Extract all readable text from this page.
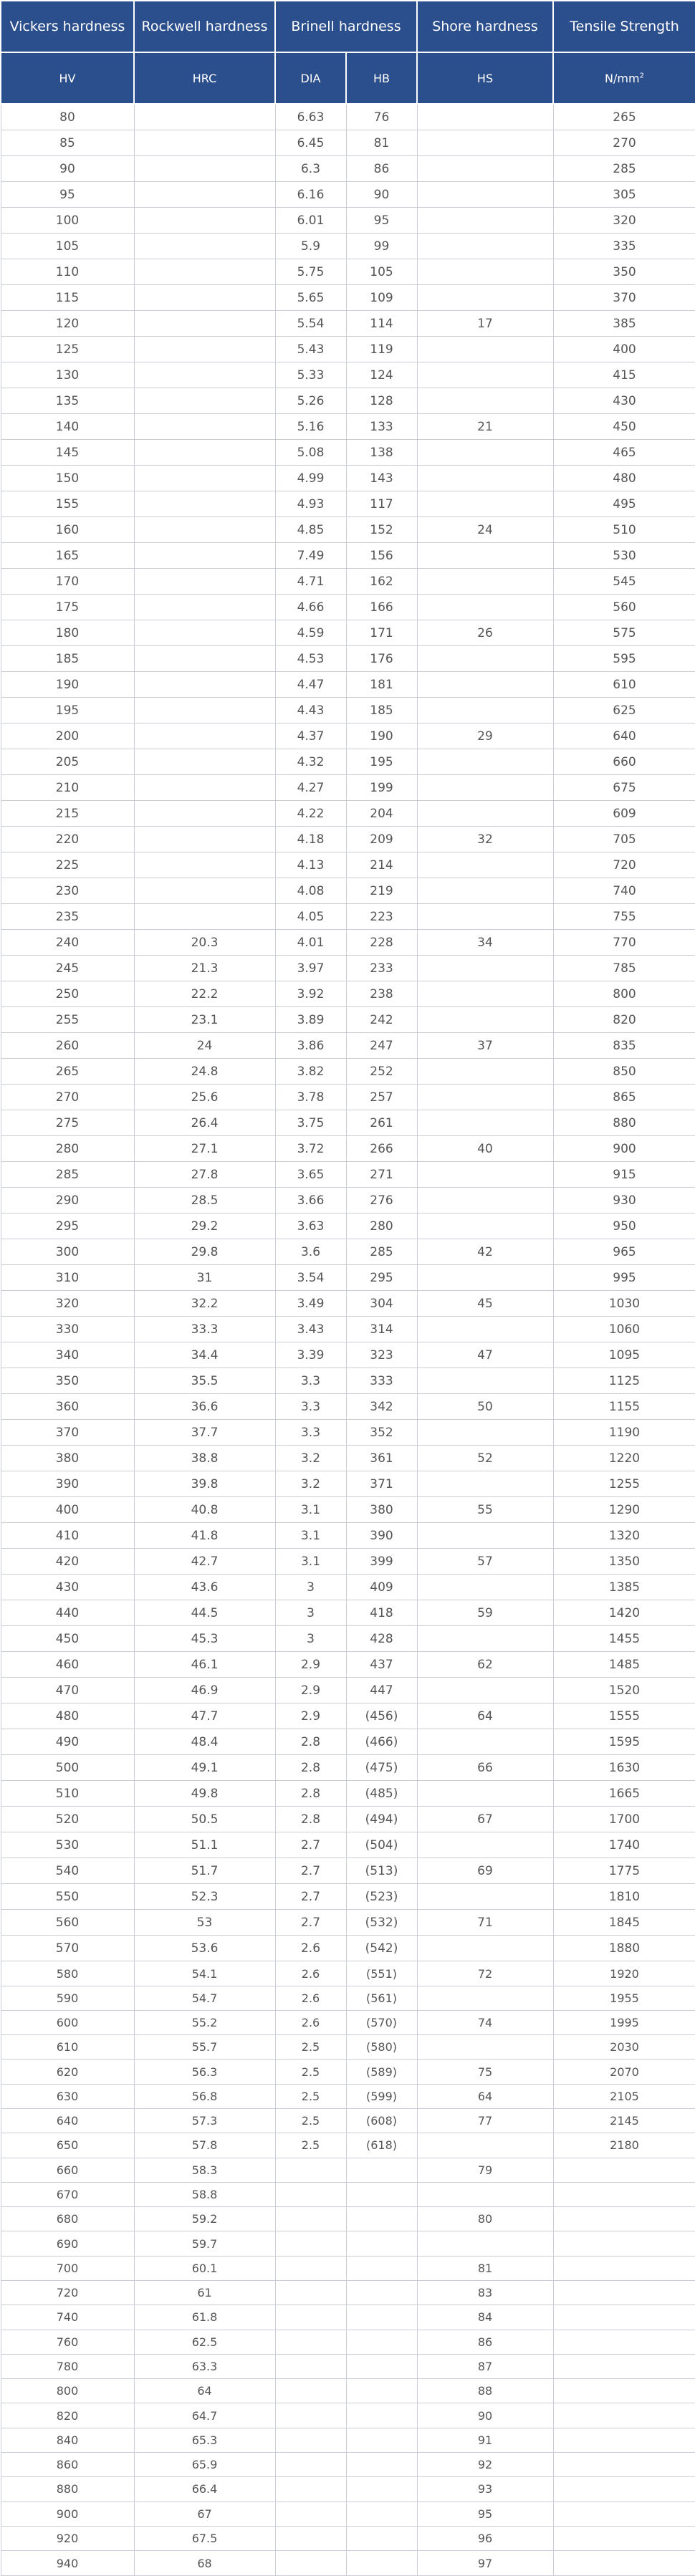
Vickers hardness	Rockwell hardness	Brinell hardness		Shore hardness	Tensile Strength
HV	HRC	DIA	HB	HS	$N/mm^2$
80		6.63	76		265
85		6.45	81		270
90		6.3	86		285
95		6.16	90		305
100		6.01	95		320
105		5.9	99		335
110		5.75	105		350
115		5.65	109		370
120		5.54	114	17	385
125		5.43	119		400
130		5.33	124		415
135		5.26	128		430
140		5.16	133	21	450
145		5.08	138		465
150		4.99	143		480
155		4.93	117		495
160		4.85	152	24	510
165		7.49	156		530
170		4.71	162		545
175		4.66	166		560
180		4.59	171	26	575
185		4.53	176		595
190		4.47	181		610
195		4.43	185		625
200		4.37	190	29	640
205		4.32	195		660
210		4.27	199		675
215		4.22	204		609
220		4.18	209	32	705
225		4.13	214		720
230		4.08	219		740
235		4.05	223		755
240	20.3	4.01	228	34	770
245	21.3	3.97	233		785
250	22.2	3.92	238		800
255	23.1	3.89	242		820
260	24	3.86	247	37	835
265	24.8	3.82	252		850
270	25.6	3.78	257		865
275	26.4	3.75	261		880
280	27.1	3.72	266	40	900
285	27.8	3.65	271		915
290	28.5	3.66	276		930
295	29.2	3.63	280		950
300	29.8	3.6	285	42	965
310	31	3.54	295		995
320	32.2	3.49	304	45	1030
330	33.3	3.43	314		1060
340	34.4	3.39	323	47	1095
350	35.5	3.3	333		1125
360	36.6	3.3	342	50	1155
370	37.7	3.3	352		1190
380	38.8	3.2	361	52	1220
390	39.8	3.2	371		1255
400	40.8	3.1	380	55	1290
410	41.8	3.1	390		1320
420	42.7	3.1	399	57	1350
430	43.6	3	409		1385
440	44.5	3	418	59	1420
450	45.3	3	428		1455
460	46.1	2.9	437	62	1485
470	46.9	2.9	447		1520
480	47.7	2.9	(456)	64	1555
490	48.4	2.8	(466)		1595
500	49.1	2.8	(475)	66	1630
510	49.8	2.8	(485)		1665
520	50.5	2.8	(494)	67	1700
530	51.1	2.7	(504)		1740
540	51.7	2.7	(513)	69	1775
550	52.3	2.7	(523)		1810
560	53	2.7	(532)	71	1845
570	53.6	2.6	(542)		1880
580	54.1	2.6	(551)	72	1920
590	54.7	2.6	(561)		1955
600	55.2	2.6	(570)	74	1995
610	55.7	2.5	(580)		2030
620	56.3	2.5	(589)	75	2070
630	56.8	2.5	(599)	64	2105
640	57.3	2.5	(608)	77	2145
650	57.8	2.5	(618)		2180
660	58.3			79	
670	58.8				
680	59.2			80	
690	59.7				
700	60.1			81	
720	61			83	
740	61.8			84	
760	62.5			86	
780	63.3			87	
800	64			88	
820	64.7			90	
840	65.3			91	
860	65.9			92	
880	66.4			93	
900	67			95	
920	67.5			96	
940	68			97	
